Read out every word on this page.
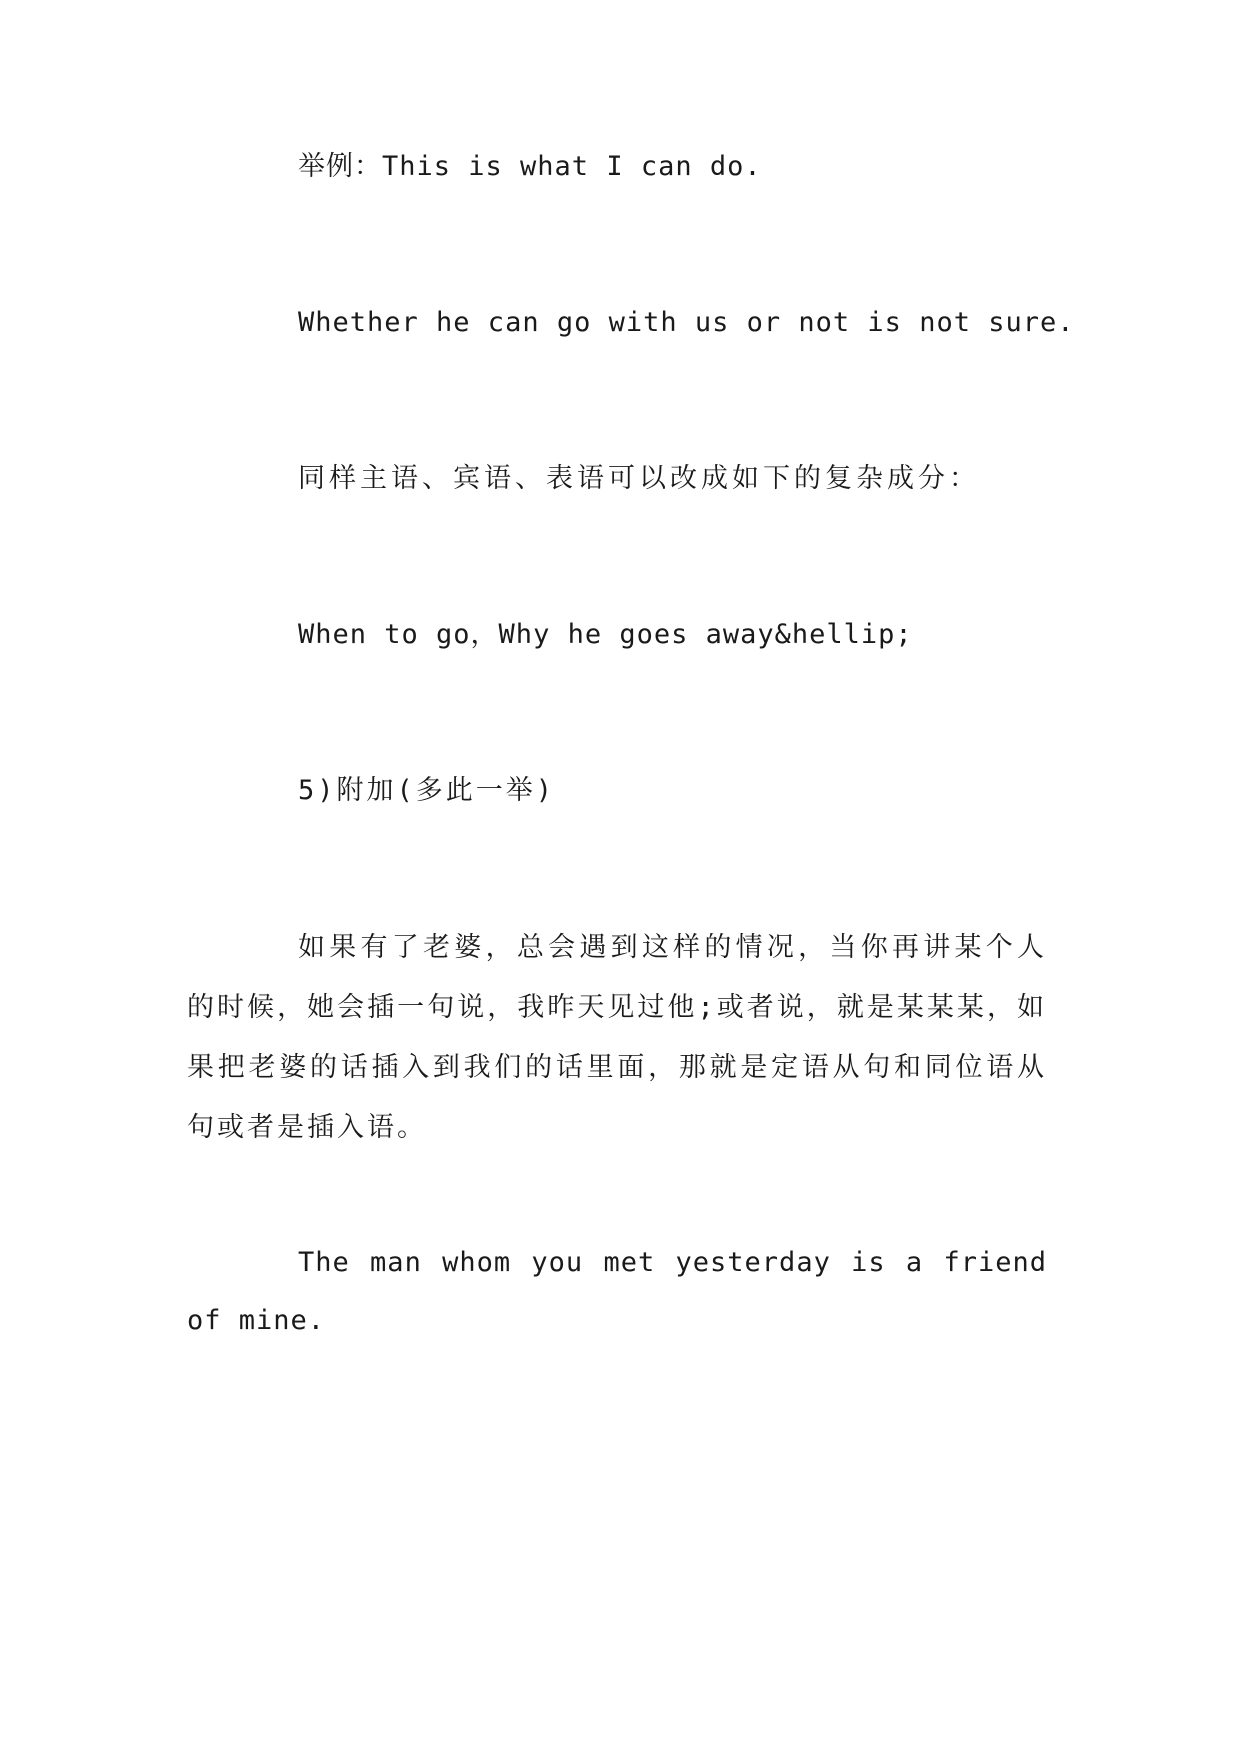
举例：This is what I can do.

Whether he can go with us or not is not sure.

同样主语、宾语、表语可以改成如下的复杂成分：

When to go，Why he goes away&hellip;

5)附加(多此一举)

如果有了老婆，总会遇到这样的情况，当你再讲某个人的时候，她会插一句说，我昨天见过他;或者说，就是某某某，如果把老婆的话插入到我们的话里面，那就是定语从句和同位语从句或者是插入语。

The man whom you met yesterday is a friend of mine.
